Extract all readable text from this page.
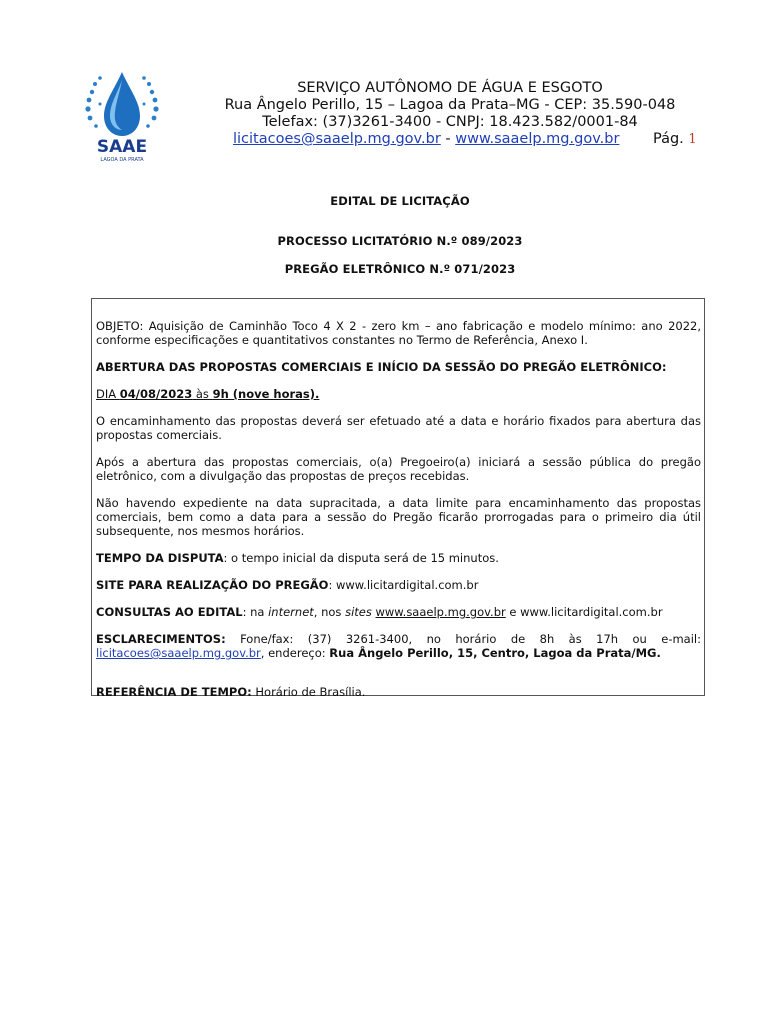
SAAE
LAGOA DA PRATA
SERVIÇO AUTÔNOMO DE ÁGUA E ESGOTO
Rua Ângelo Perillo, 15 – Lagoa da Prata–MG - CEP: 35.590-048
Telefax: (37)3261-3400 - CNPJ: 18.423.582/0001-84
licitacoes@saaelp.mg.gov.br - www.saaelp.mg.gov.br Pág. 1
EDITAL DE LICITAÇÃO
PROCESSO LICITATÓRIO N.º 089/2023
PREGÃO ELETRÔNICO N.º 071/2023

OBJETO: Aquisição de Caminhão Toco 4 X 2 - zero km – ano fabricação e modelo mínimo: ano 2022, conforme especificações e quantitativos constantes no Termo de Referência, Anexo I.

ABERTURA DAS PROPOSTAS COMERCIAIS E INÍCIO DA SESSÃO DO PREGÃO ELETRÔNICO:

DIA 04/08/2023 às 9h (nove horas).

O encaminhamento das propostas deverá ser efetuado até a data e horário fixados para abertura das propostas comerciais.

Após a abertura das propostas comerciais, o(a) Pregoeiro(a) iniciará a sessão pública do pregão eletrônico, com a divulgação das propostas de preços recebidas.

Não havendo expediente na data supracitada, a data limite para encaminhamento das propostas comerciais, bem como a data para a sessão do Pregão ficarão prorrogadas para o primeiro dia útil subsequente, nos mesmos horários.

TEMPO DA DISPUTA: o tempo inicial da disputa será de 15 minutos.

SITE PARA REALIZAÇÃO DO PREGÃO: www.licitardigital.com.br

CONSULTAS AO EDITAL: na internet, nos sites www.saaelp.mg.gov.br e www.licitardigital.com.br

ESCLARECIMENTOS: Fone/fax: (37) 3261-3400, no horário de 8h às 17h ou e-mail: licitacoes@saaelp.mg.gov.br, endereço: Rua Ângelo Perillo, 15, Centro, Lagoa da Prata/MG.

REFERÊNCIA DE TEMPO: Horário de Brasília.
